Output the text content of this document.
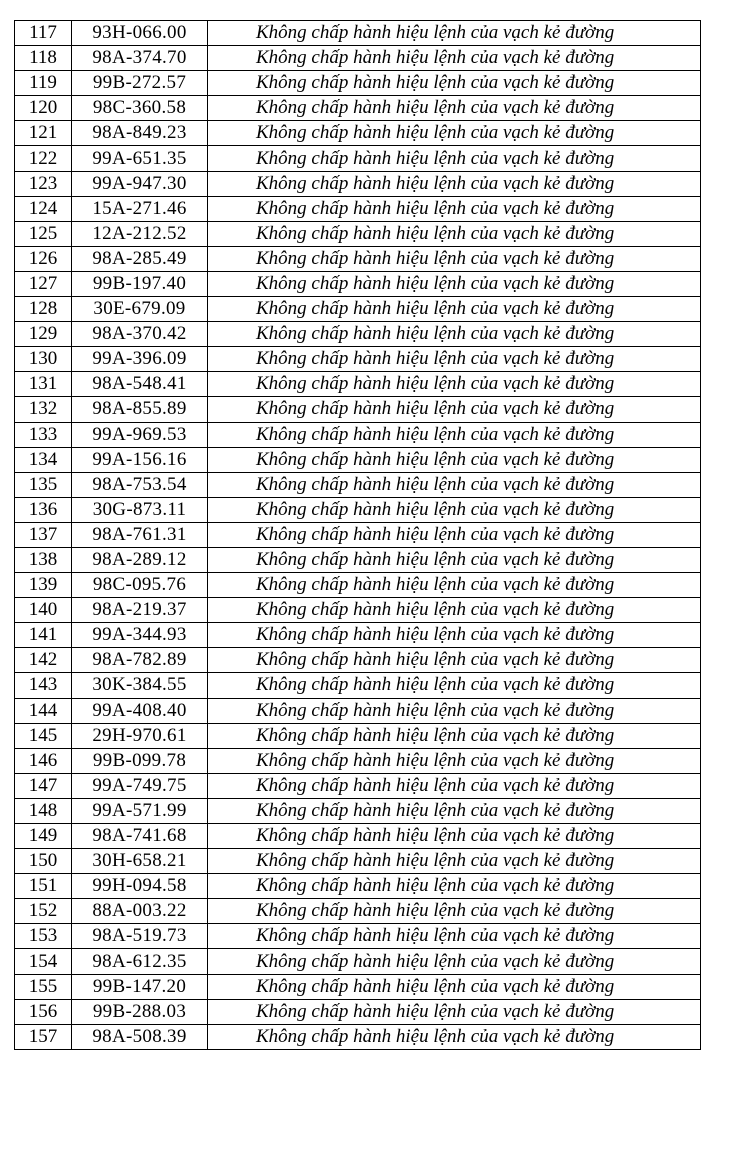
117	93H-066.00	Không chấp hành hiệu lệnh của vạch kẻ đường
118	98A-374.70	Không chấp hành hiệu lệnh của vạch kẻ đường
119	99B-272.57	Không chấp hành hiệu lệnh của vạch kẻ đường
120	98C-360.58	Không chấp hành hiệu lệnh của vạch kẻ đường
121	98A-849.23	Không chấp hành hiệu lệnh của vạch kẻ đường
122	99A-651.35	Không chấp hành hiệu lệnh của vạch kẻ đường
123	99A-947.30	Không chấp hành hiệu lệnh của vạch kẻ đường
124	15A-271.46	Không chấp hành hiệu lệnh của vạch kẻ đường
125	12A-212.52	Không chấp hành hiệu lệnh của vạch kẻ đường
126	98A-285.49	Không chấp hành hiệu lệnh của vạch kẻ đường
127	99B-197.40	Không chấp hành hiệu lệnh của vạch kẻ đường
128	30E-679.09	Không chấp hành hiệu lệnh của vạch kẻ đường
129	98A-370.42	Không chấp hành hiệu lệnh của vạch kẻ đường
130	99A-396.09	Không chấp hành hiệu lệnh của vạch kẻ đường
131	98A-548.41	Không chấp hành hiệu lệnh của vạch kẻ đường
132	98A-855.89	Không chấp hành hiệu lệnh của vạch kẻ đường
133	99A-969.53	Không chấp hành hiệu lệnh của vạch kẻ đường
134	99A-156.16	Không chấp hành hiệu lệnh của vạch kẻ đường
135	98A-753.54	Không chấp hành hiệu lệnh của vạch kẻ đường
136	30G-873.11	Không chấp hành hiệu lệnh của vạch kẻ đường
137	98A-761.31	Không chấp hành hiệu lệnh của vạch kẻ đường
138	98A-289.12	Không chấp hành hiệu lệnh của vạch kẻ đường
139	98C-095.76	Không chấp hành hiệu lệnh của vạch kẻ đường
140	98A-219.37	Không chấp hành hiệu lệnh của vạch kẻ đường
141	99A-344.93	Không chấp hành hiệu lệnh của vạch kẻ đường
142	98A-782.89	Không chấp hành hiệu lệnh của vạch kẻ đường
143	30K-384.55	Không chấp hành hiệu lệnh của vạch kẻ đường
144	99A-408.40	Không chấp hành hiệu lệnh của vạch kẻ đường
145	29H-970.61	Không chấp hành hiệu lệnh của vạch kẻ đường
146	99B-099.78	Không chấp hành hiệu lệnh của vạch kẻ đường
147	99A-749.75	Không chấp hành hiệu lệnh của vạch kẻ đường
148	99A-571.99	Không chấp hành hiệu lệnh của vạch kẻ đường
149	98A-741.68	Không chấp hành hiệu lệnh của vạch kẻ đường
150	30H-658.21	Không chấp hành hiệu lệnh của vạch kẻ đường
151	99H-094.58	Không chấp hành hiệu lệnh của vạch kẻ đường
152	88A-003.22	Không chấp hành hiệu lệnh của vạch kẻ đường
153	98A-519.73	Không chấp hành hiệu lệnh của vạch kẻ đường
154	98A-612.35	Không chấp hành hiệu lệnh của vạch kẻ đường
155	99B-147.20	Không chấp hành hiệu lệnh của vạch kẻ đường
156	99B-288.03	Không chấp hành hiệu lệnh của vạch kẻ đường
157	98A-508.39	Không chấp hành hiệu lệnh của vạch kẻ đường
